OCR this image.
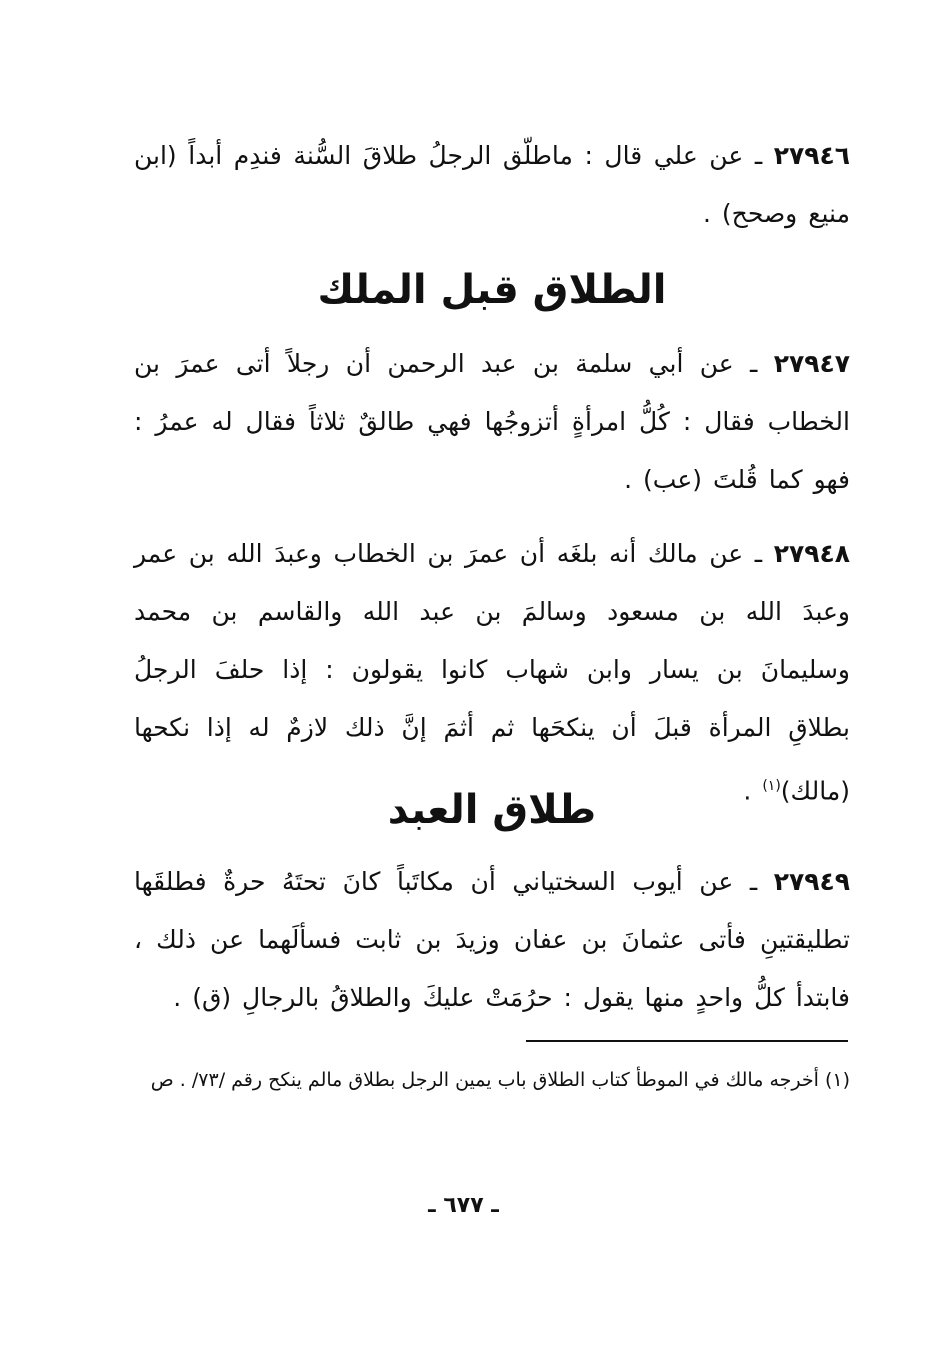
٢٧٩٤٦ ـ عن علي قال : ماطلّق الرجلُ طلاقَ السُّنة فندِم أبداً (ابن منيع وصحح) .
الطلاق قبل الملك
٢٧٩٤٧ ـ عن أبي سلمة بن عبد الرحمن أن رجلاً أتى عمرَ بن الخطاب فقال : كُلُّ امرأةٍ أتزوجُها فهي طالقٌ ثلاثاً فقال له عمرُ : فهو كما قُلتَ (عب) .
٢٧٩٤٨ ـ عن مالك أنه بلغَه أن عمرَ بن الخطاب وعبدَ الله بن عمر وعبدَ الله بن مسعود وسالمَ بن عبد الله والقاسم بن محمد وسليمانَ بن يسار وابن شهاب كانوا يقولون : إذا حلفَ الرجلُ بطلاقِ المرأة قبلَ أن ينكحَها ثم أثمَ إنَّ ذلك لازمٌ له إذا نكحها (مالك)$^{(١)}$ .
طلاق العبد
٢٧٩٤٩ ـ عن أيوب السختياني أن مكاتَباً كانَ تحتَهُ حرةٌ فطلقَها تطليقتينِ فأتى عثمانَ بن عفان وزيدَ بن ثابت فسألَهما عن ذلك ، فابتدأ كلُّ واحدٍ منها يقول : حرُمَتْ عليكَ والطلاقُ بالرجالِ (ق) .
(١) أخرجه مالك في الموطأ كتاب الطلاق باب يمين الرجل بطلاق مالم ينكح رقم /٧٣/ . ص
ـ ٦٧٧ ـ
